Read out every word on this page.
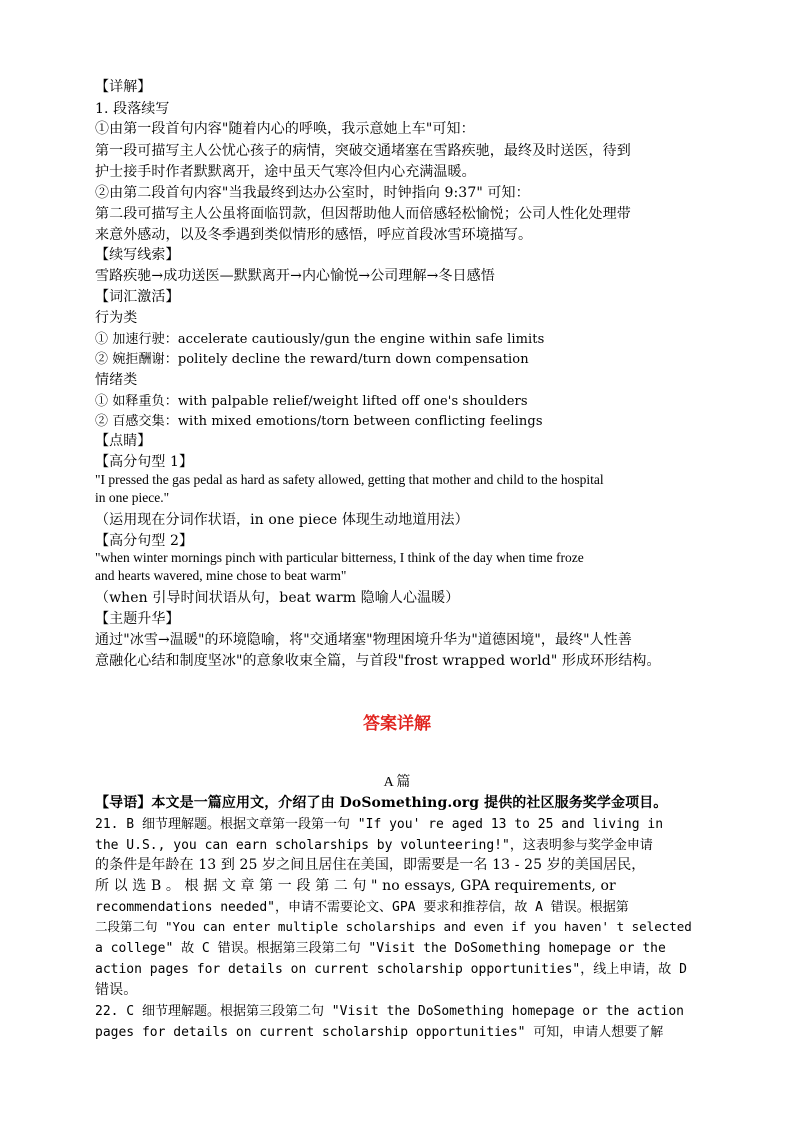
【详解】
1. 段落续写
①由第一段首句内容"随着内心的呼唤，我示意她上车"可知：
第一段可描写主人公忧心孩子的病情，突破交通堵塞在雪路疾驰，最终及时送医，待到
护士接手时作者默默离开，途中虽天气寒冷但内心充满温暖。
②由第二段首句内容"当我最终到达办公室时，时钟指向 9:37" 可知：
第二段可描写主人公虽将面临罚款，但因帮助他人而倍感轻松愉悦；公司人性化处理带
来意外感动，以及冬季遇到类似情形的感悟，呼应首段冰雪环境描写。
【续写线索】
雪路疾驰→成功送医—默默离开→内心愉悦→公司理解→冬日感悟
【词汇激活】
行为类
① 加速行驶：accelerate cautiously/gun the engine within safe limits
② 婉拒酬谢：politely decline the reward/turn down compensation
情绪类
① 如释重负：with palpable relief/weight lifted off one's shoulders
② 百感交集：with mixed emotions/torn between conflicting feelings
【点睛】
【高分句型 1】
"I pressed the gas pedal as hard as safety allowed, getting that mother and child to the hospital
in one piece."
（运用现在分词作状语，in one piece 体现生动地道用法）
【高分句型 2】
"when winter mornings pinch with particular bitterness, I think of the day when time froze
and hearts wavered, mine chose to beat warm"
（when 引导时间状语从句，beat warm 隐喻人心温暖）
【主题升华】
通过"冰雪→温暖"的环境隐喻，将"交通堵塞"物理困境升华为"道德困境"，最终"人性善
意融化心结和制度坚冰"的意象收束全篇，与首段"frost wrapped world" 形成环形结构。
答案详解
A 篇
【导语】本文是一篇应用文，介绍了由 DoSomething.org 提供的社区服务奖学金项目。
21. B 细节理解题。根据文章第一段第一句 "If you' re aged 13 to 25 and living in
the U.S., you can earn scholarships by volunteering!"，这表明参与奖学金申请
的条件是年龄在 13 到 25 岁之间且居住在美国，即需要是一名 13 - 25 岁的美国居民，
所 以 选 B 。 根 据 文 章 第 一 段 第 二 句 " no essays, GPA requirements, or
recommendations needed"，申请不需要论文、GPA 要求和推荐信，故 A 错误。根据第
二段第二句 "You can enter multiple scholarships and even if you haven' t selected
a college" 故 C 错误。根据第三段第二句 "Visit the DoSomething homepage or the
action pages for details on current scholarship opportunities"，线上申请，故 D
错误。
22. C 细节理解题。根据第三段第二句 "Visit the DoSomething homepage or the action
pages for details on current scholarship opportunities" 可知，申请人想要了解
